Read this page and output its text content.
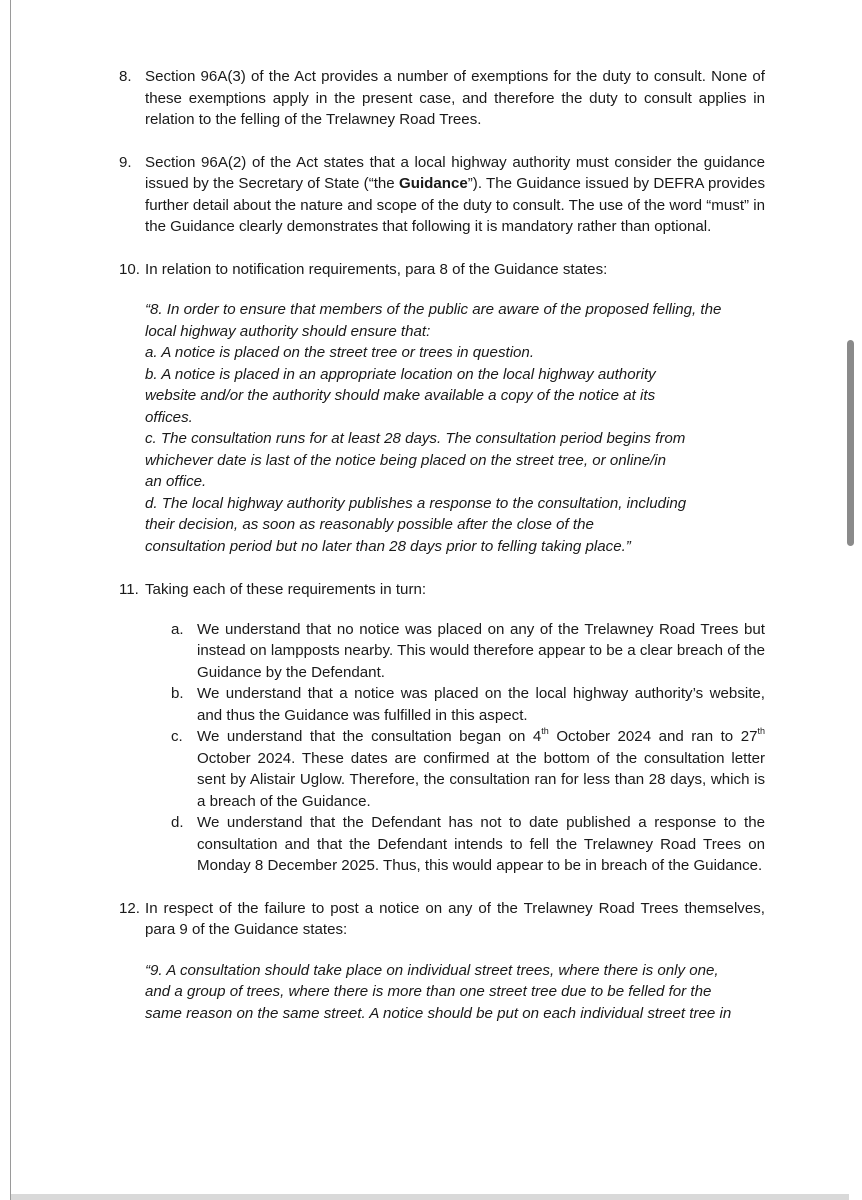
8. Section 96A(3) of the Act provides a number of exemptions for the duty to consult. None of these exemptions apply in the present case, and therefore the duty to consult applies in relation to the felling of the Trelawney Road Trees.
9. Section 96A(2) of the Act states that a local highway authority must consider the guidance issued by the Secretary of State (“the Guidance”). The Guidance issued by DEFRA provides further detail about the nature and scope of the duty to consult. The use of the word “must” in the Guidance clearly demonstrates that following it is mandatory rather than optional.
10. In relation to notification requirements, para 8 of the Guidance states:
“8. In order to ensure that members of the public are aware of the proposed felling, the
local highway authority should ensure that:
a. A notice is placed on the street tree or trees in question.
b. A notice is placed in an appropriate location on the local highway authority
website and/or the authority should make available a copy of the notice at its
offices.
c. The consultation runs for at least 28 days. The consultation period begins from
whichever date is last of the notice being placed on the street tree, or online/in
an office.
d. The local highway authority publishes a response to the consultation, including
their decision, as soon as reasonably possible after the close of the
consultation period but no later than 28 days prior to felling taking place.”
11. Taking each of these requirements in turn:
a. We understand that no notice was placed on any of the Trelawney Road Trees but instead on lampposts nearby. This would therefore appear to be a clear breach of the Guidance by the Defendant.
b. We understand that a notice was placed on the local highway authority’s website, and thus the Guidance was fulfilled in this aspect.
c. We understand that the consultation began on 4th October 2024 and ran to 27th October 2024. These dates are confirmed at the bottom of the consultation letter sent by Alistair Uglow. Therefore, the consultation ran for less than 28 days, which is a breach of the Guidance.
d. We understand that the Defendant has not to date published a response to the consultation and that the Defendant intends to fell the Trelawney Road Trees on Monday 8 December 2025. Thus, this would appear to be in breach of the Guidance.
12. In respect of the failure to post a notice on any of the Trelawney Road Trees themselves, para 9 of the Guidance states:
“9. A consultation should take place on individual street trees, where there is only one,
and a group of trees, where there is more than one street tree due to be felled for the
same reason on the same street. A notice should be put on each individual street tree in
